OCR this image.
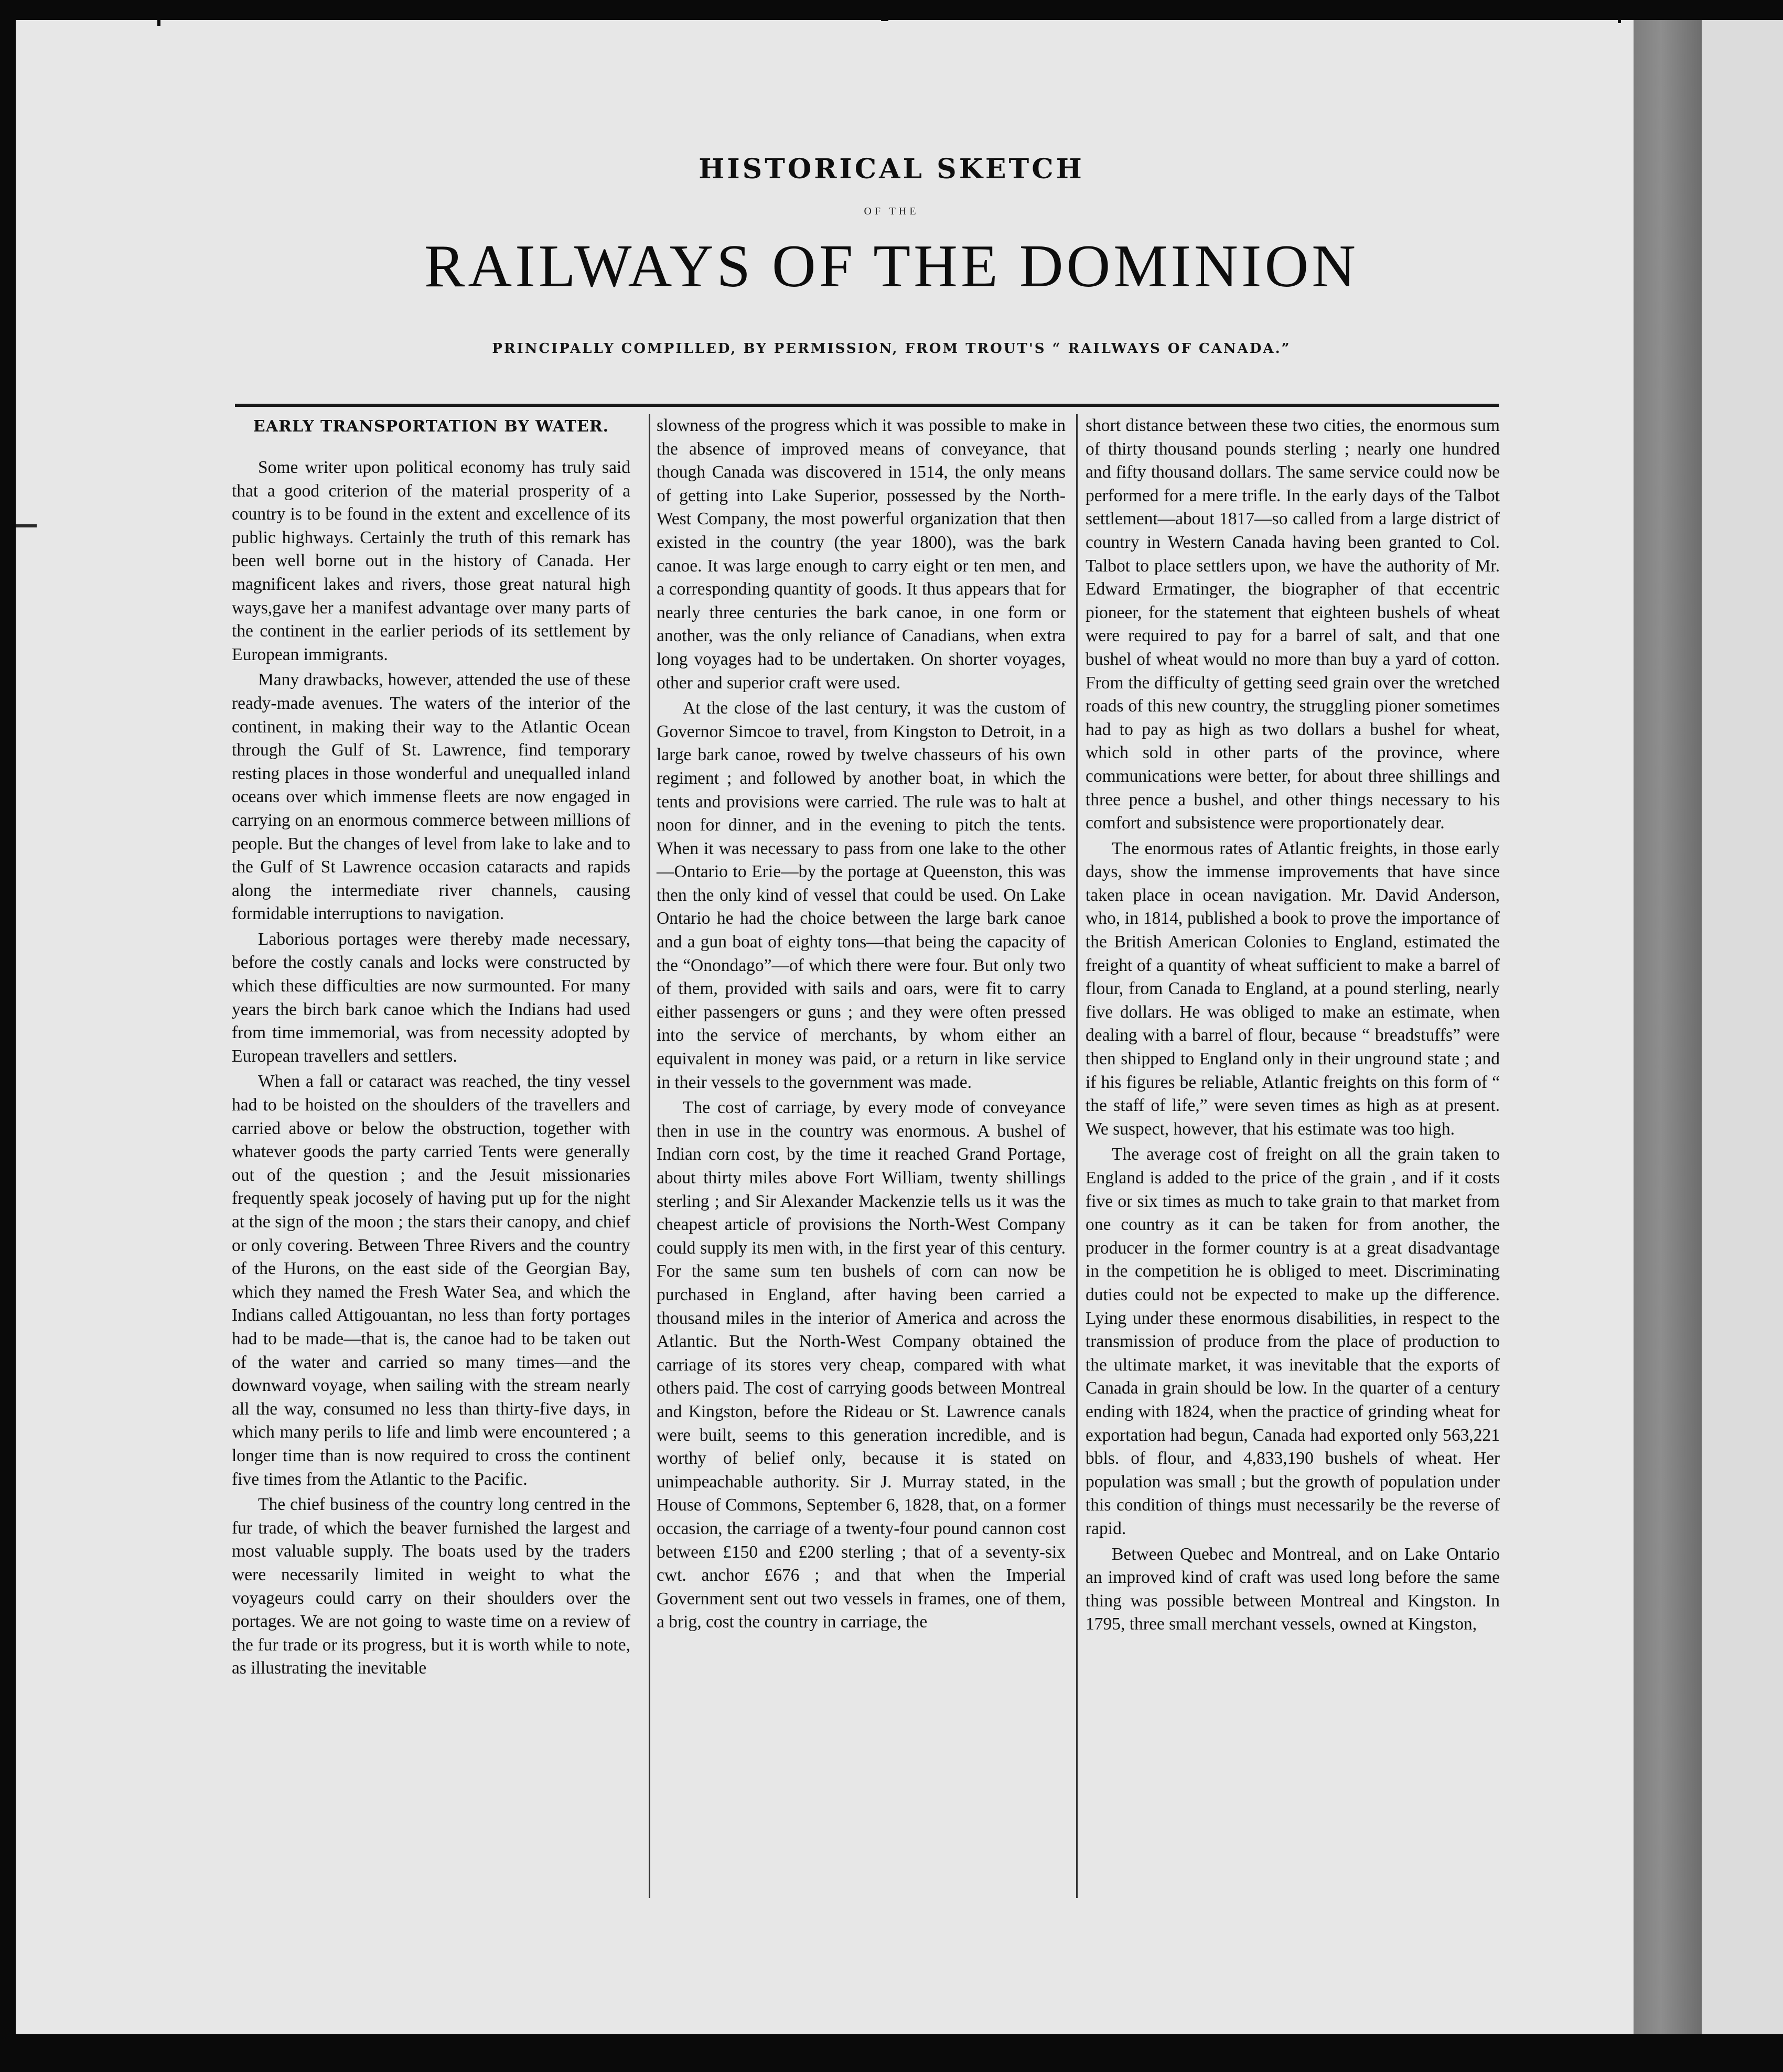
HISTORICAL SKETCH
OF THE
RAILWAYS OF THE DOMINION
PRINCIPALLY COMPILLED, BY PERMISSION, FROM TROUT'S “ RAILWAYS OF CANADA.”
EARLY TRANSPORTATION BY WATER.

Some writer upon political economy has truly said that a good criterion of the material prosperity of a country is to be found in the extent and excellence of its public highways. Certainly the truth of this remark has been well borne out in the history of Canada. Her magnificent lakes and rivers, those great natural high ways,gave her a manifest advantage over many parts of the continent in the earlier periods of its settlement by European immigrants.

Many drawbacks, however, attended the use of these ready-made avenues. The waters of the interior of the continent, in making their way to the Atlantic Ocean through the Gulf of St. Lawrence, find temporary resting places in those wonderful and unequalled inland oceans over which immense fleets are now engaged in carrying on an enormous commerce between millions of people. But the changes of level from lake to lake and to the Gulf of St Lawrence occasion cataracts and rapids along the intermediate river channels, causing formidable interruptions to navigation.

Laborious portages were thereby made necessary, before the costly canals and locks were constructed by which these difficulties are now surmounted. For many years the birch bark canoe which the Indians had used from time immemorial, was from necessity adopted by European travellers and settlers.

When a fall or cataract was reached, the tiny vessel had to be hoisted on the shoulders of the travellers and carried above or below the obstruction, together with whatever goods the party carried Tents were generally out of the question ; and the Jesuit missionaries frequently speak jocosely of having put up for the night at the sign of the moon ; the stars their canopy, and chief or only covering. Between Three Rivers and the country of the Hurons, on the east side of the Georgian Bay, which they named the Fresh Water Sea, and which the Indians called Attigouantan, no less than forty portages had to be made—that is, the canoe had to be taken out of the water and carried so many times—and the downward voyage, when sailing with the stream nearly all the way, consumed no less than thirty-five days, in which many perils to life and limb were encountered ; a longer time than is now required to cross the continent five times from the Atlantic to the Pacific.

The chief business of the country long centred in the fur trade, of which the beaver furnished the largest and most valuable supply. The boats used by the traders were necessarily limited in weight to what the voyageurs could carry on their shoulders over the portages. We are not going to waste time on a review of the fur trade or its progress, but it is worth while to note, as illustrating the inevitable

slowness of the progress which it was possible to make in the absence of improved means of conveyance, that though Canada was discovered in 1514, the only means of getting into Lake Superior, possessed by the North-West Company, the most powerful organization that then existed in the country (the year 1800), was the bark canoe. It was large enough to carry eight or ten men, and a corresponding quantity of goods. It thus appears that for nearly three centuries the bark canoe, in one form or another, was the only reliance of Canadians, when extra long voyages had to be undertaken. On shorter voyages, other and superior craft were used.

At the close of the last century, it was the custom of Governor Simcoe to travel, from Kingston to Detroit, in a large bark canoe, rowed by twelve chasseurs of his own regiment ; and followed by another boat, in which the tents and provisions were carried. The rule was to halt at noon for dinner, and in the evening to pitch the tents. When it was necessary to pass from one lake to the other—Ontario to Erie—by the portage at Queenston, this was then the only kind of vessel that could be used. On Lake Ontario he had the choice between the large bark canoe and a gun boat of eighty tons—that being the capacity of the “Onondago”—of which there were four. But only two of them, provided with sails and oars, were fit to carry either passengers or guns ; and they were often pressed into the service of merchants, by whom either an equivalent in money was paid, or a return in like service in their vessels to the government was made.

The cost of carriage, by every mode of conveyance then in use in the country was enormous. A bushel of Indian corn cost, by the time it reached Grand Portage, about thirty miles above Fort William, twenty shillings sterling ; and Sir Alexander Mackenzie tells us it was the cheapest article of provisions the North-West Company could supply its men with, in the first year of this century. For the same sum ten bushels of corn can now be purchased in England, after having been carried a thousand miles in the interior of America and across the Atlantic. But the North-West Company obtained the carriage of its stores very cheap, compared with what others paid. The cost of carrying goods between Montreal and Kingston, before the Rideau or St. Lawrence canals were built, seems to this generation incredible, and is worthy of belief only, because it is stated on unimpeachable authority. Sir J. Murray stated, in the House of Commons, September 6, 1828, that, on a former occasion, the carriage of a twenty-four pound cannon cost between £150 and £200 sterling ; that of a seventy-six cwt. anchor £676 ; and that when the Imperial Government sent out two vessels in frames, one of them, a brig, cost the country in carriage, the

short distance between these two cities, the enormous sum of thirty thousand pounds sterling ; nearly one hundred and fifty thousand dollars. The same service could now be performed for a mere trifle. In the early days of the Talbot settlement—about 1817—so called from a large district of country in Western Canada having been granted to Col. Talbot to place settlers upon, we have the authority of Mr. Edward Ermatinger, the biographer of that eccentric pioneer, for the statement that eighteen bushels of wheat were required to pay for a barrel of salt, and that one bushel of wheat would no more than buy a yard of cotton. From the difficulty of getting seed grain over the wretched roads of this new country, the struggling pioner sometimes had to pay as high as two dollars a bushel for wheat, which sold in other parts of the province, where communications were better, for about three shillings and three pence a bushel, and other things necessary to his comfort and subsistence were proportionately dear.

The enormous rates of Atlantic freights, in those early days, show the immense improvements that have since taken place in ocean navigation. Mr. David Anderson, who, in 1814, published a book to prove the importance of the British American Colonies to England, estimated the freight of a quantity of wheat sufficient to make a barrel of flour, from Canada to England, at a pound sterling, nearly five dollars. He was obliged to make an estimate, when dealing with a barrel of flour, because “ breadstuffs” were then shipped to England only in their unground state ; and if his figures be reliable, Atlantic freights on this form of “ the staff of life,” were seven times as high as at present. We suspect, however, that his estimate was too high.

The average cost of freight on all the grain taken to England is added to the price of the grain , and if it costs five or six times as much to take grain to that market from one country as it can be taken for from another, the producer in the former country is at a great disadvantage in the competition he is obliged to meet. Discriminating duties could not be expected to make up the difference. Lying under these enormous disabilities, in respect to the transmission of produce from the place of production to the ultimate market, it was inevitable that the exports of Canada in grain should be low. In the quarter of a century ending with 1824, when the practice of grinding wheat for exportation had begun, Canada had exported only 563,221 bbls. of flour, and 4,833,190 bushels of wheat. Her population was small ; but the growth of population under this condition of things must necessarily be the reverse of rapid.

Between Quebec and Montreal, and on Lake Ontario an improved kind of craft was used long before the same thing was possible between Montreal and Kingston. In 1795, three small merchant vessels, owned at Kingston,
